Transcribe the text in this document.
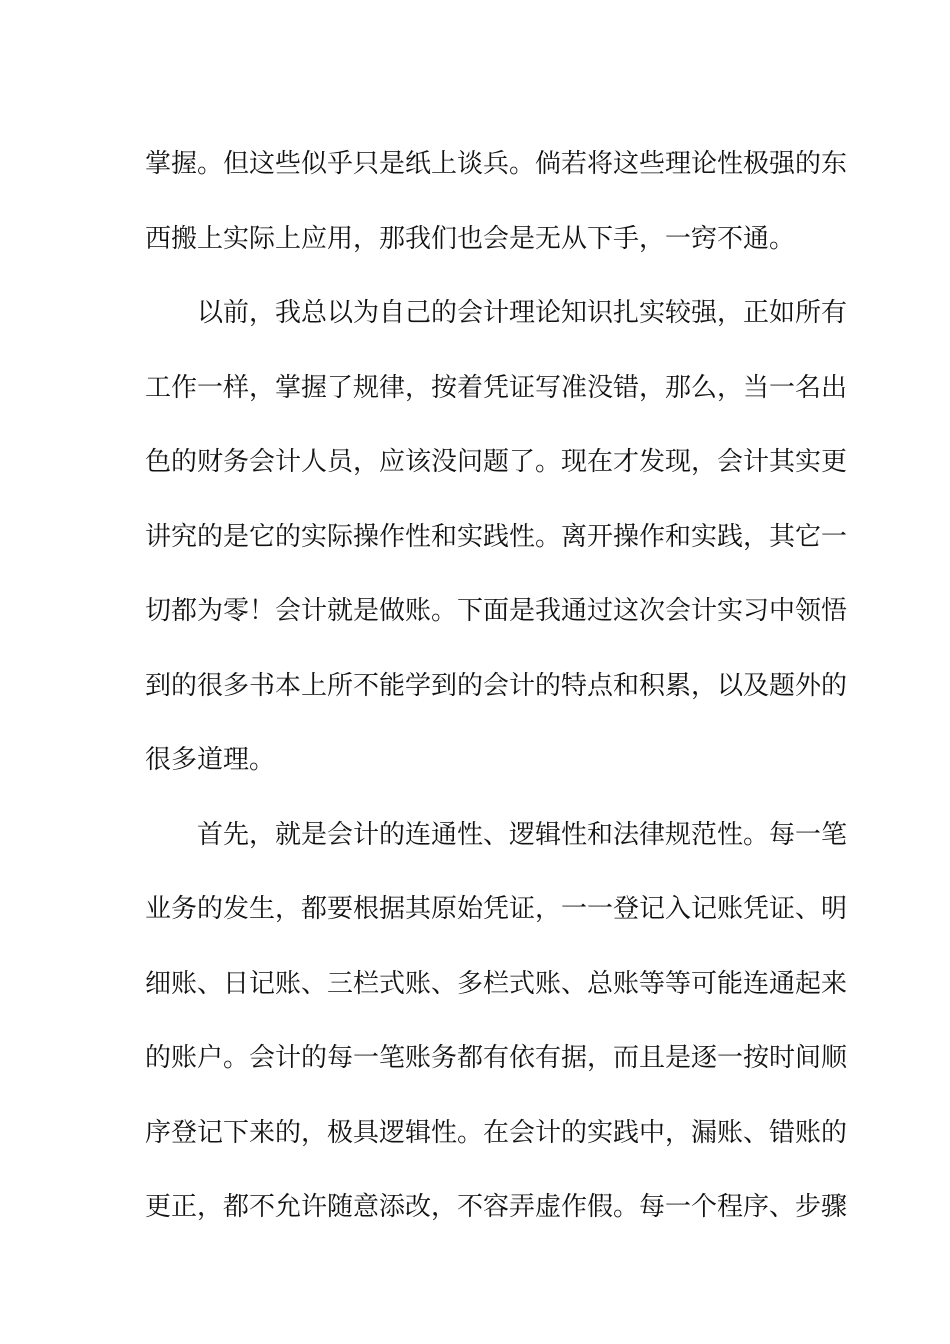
掌握。但这些似乎只是纸上谈兵。倘若将这些理论性极强的东
西搬上实际上应用，那我们也会是无从下手，一窍不通。
以前，我总以为自己的会计理论知识扎实较强，正如所有
工作一样，掌握了规律，按着凭证写准没错，那么，当一名出
色的财务会计人员，应该没问题了。现在才发现，会计其实更
讲究的是它的实际操作性和实践性。离开操作和实践，其它一
切都为零！会计就是做账。下面是我通过这次会计实习中领悟
到的很多书本上所不能学到的会计的特点和积累，以及题外的
很多道理。
首先，就是会计的连通性、逻辑性和法律规范性。每一笔
业务的发生，都要根据其原始凭证，一一登记入记账凭证、明
细账、日记账、三栏式账、多栏式账、总账等等可能连通起来
的账户。会计的每一笔账务都有依有据，而且是逐一按时间顺
序登记下来的，极具逻辑性。在会计的实践中，漏账、错账的
更正，都不允许随意添改，不容弄虚作假。每一个程序、步骤
